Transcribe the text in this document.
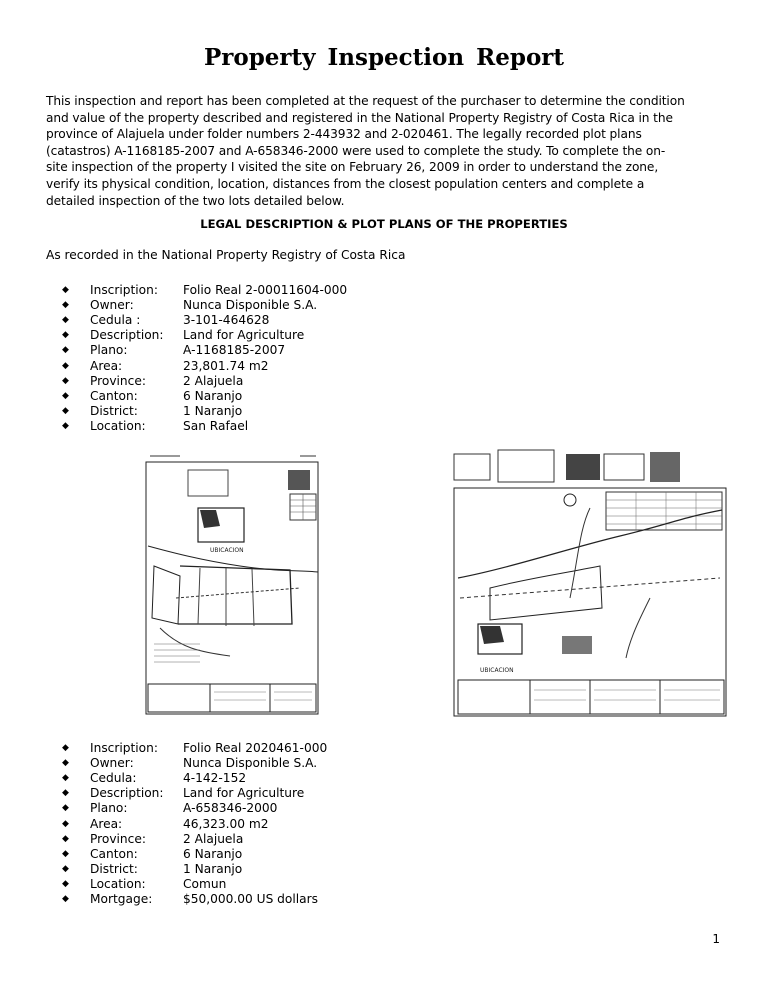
Property Inspection Report
This inspection and report has been completed at the request of the purchaser to determine the condition
and value of the property described and registered in the National Property Registry of Costa Rica in the
province of Alajuela under folder numbers 2-443932 and 2-020461. The legally recorded plot plans
(catastros) A-1168185-2007 and A-658346-2000 were used to complete the study. To complete the on-
site inspection of the property I visited the site on February 26, 2009 in order to understand the zone,
verify its physical condition, location, distances from the closest population centers and complete a
detailed inspection of the two lots detailed below.
LEGAL DESCRIPTION & PLOT PLANS OF THE PROPERTIES
As recorded in the National Property Registry of Costa Rica
◆	Inscription:	Folio Real 2-00011604-000
◆	Owner:	Nunca Disponible S.A.
◆	Cedula :	3-101-464628
◆	Description:	Land for Agriculture
◆	Plano:	A-1168185-2007
◆	Area:	23,801.74 m2
◆	Province:	2 Alajuela
◆	Canton:	6 Naranjo
◆	District:	1 Naranjo
◆	Location:	San Rafael
UBICACION
UBICACION
◆	Inscription:	Folio Real 2020461-000
◆	Owner:	Nunca Disponible S.A.
◆	Cedula:	4-142-152
◆	Description:	Land for Agriculture
◆	Plano:	A-658346-2000
◆	Area:	46,323.00 m2
◆	Province:	2 Alajuela
◆	Canton:	6 Naranjo
◆	District:	1 Naranjo
◆	Location:	Comun
◆	Mortgage:	$50,000.00 US dollars
1
